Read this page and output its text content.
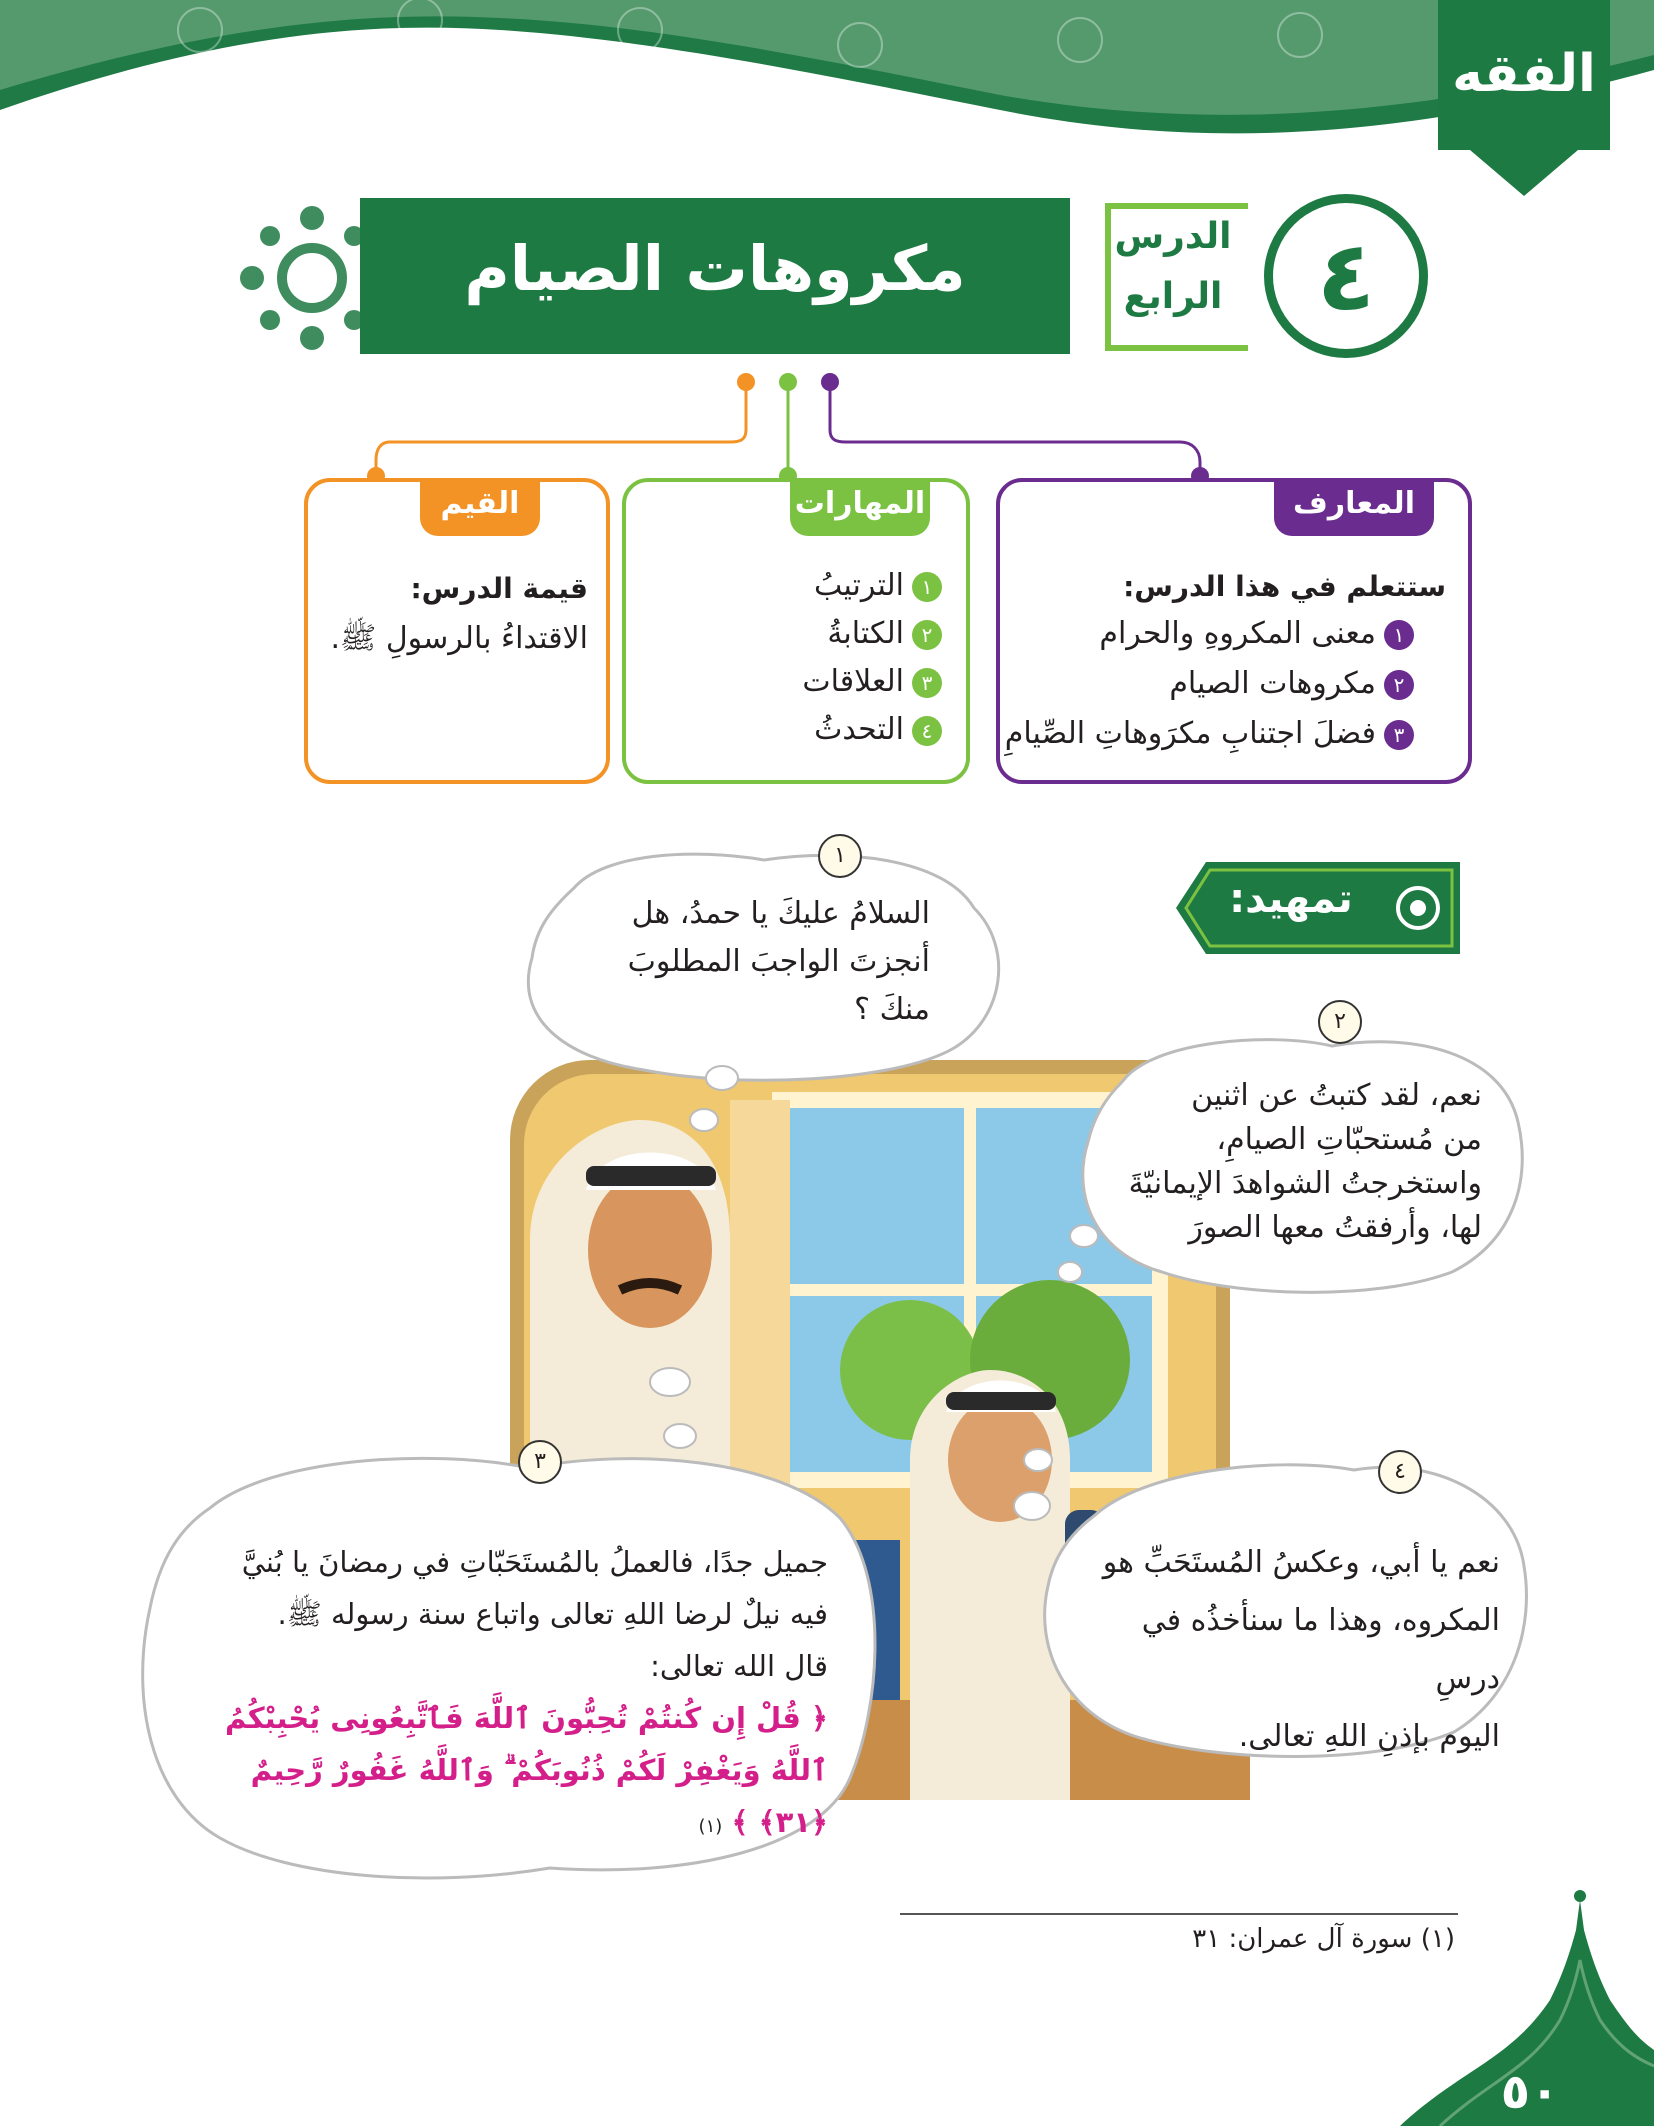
الفقه
مكروهات الصيام	الدرس
الرابع ٤
المعارف
ستتعلم في هذا الدرس:
١معنى المكروهِ والحرام
٢مكروهات الصيام
٣فضلَ اجتنابِ مكرَوهاتِ الصِّيامِ
المهارات
١الترتيبُ
٢الكتابةُ
٣العلاقات
٤التحدثُ
القيم
قيمة الدرس:
الاقتداءُ بالرسولِ ﷺ.
تمهيد:
١
السلامُ عليكَ يا حمدُ، هل
أنجزتَ الواجبَ المطلوبَ
منكَ ؟	٢
نعم، لقد كتبتُ عن اثنين
من مُستحبّاتِ الصيامِ،
واستخرجتُ الشواهدَ الإيمانيّةَ
لها، وأرفقتُ معها الصورَ
٣
جميل جدًا، فالعملُ بالمُستَحَبّاتِ في رمضانَ يا بُنيَّ
فيه نيلٌ لرضا اللهِ تعالى واتباع سنة رسوله ﷺ.
قال الله تعالى:
﴿ قُلْ إِن كُنتُمْ تُحِبُّونَ ٱللَّهَ فَٱتَّبِعُونِى يُحْبِبْكُمُ
ٱللَّهُ وَيَغْفِرْ لَكُمْ ذُنُوبَكُمْ ۗ وَٱللَّهُ غَفُورٌ رَّحِيمٌ ﴿٣١﴾ ﴾ (١)
٤
نعم يا أبي، وعكسُ المُستَحَبِّ هو
المكروه، وهذا ما سنأخذُه في درسِ
اليوم بإذنِ اللهِ تعالى.
(١) سورة آل عمران: ٣١
٥٠
